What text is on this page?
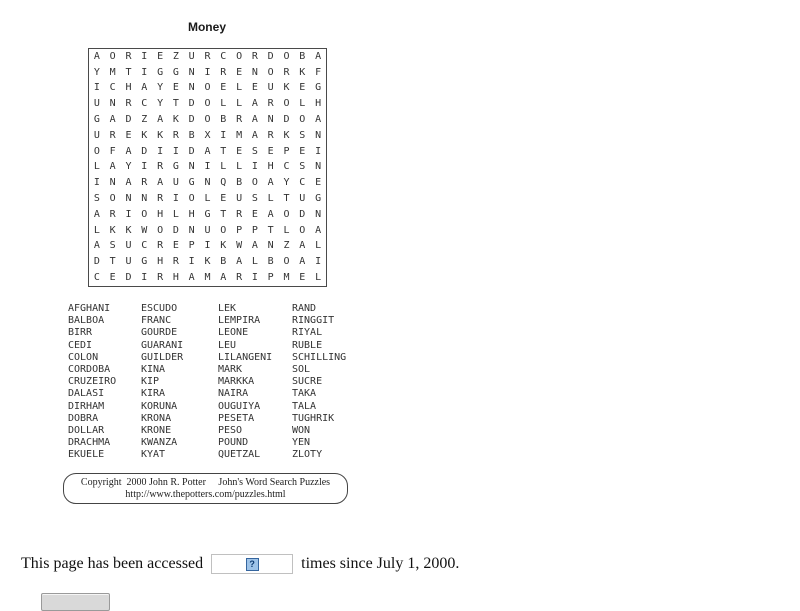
Money
A O R I E Z U R C O R D O B A
Y M T I G G N I R E N O R K F
I C H A Y E N O E L E U K E G
U N R C Y T D O L L A R O L H
G A D Z A K D O B R A N D O A
U R E K K R B X I M A R K S N
O F A D I I D A T E S E P E I
L A Y I R G N I L L I H C S N
I N A R A U G N Q B O A Y C E
S O N N R I O L E U S L T U G
A R I O H L H G T R E A O D N
L K K W O D N U O P P T L O A
A S U C R E P I K W A N Z A L
D T U G H R I K B A L B O A I
C E D I R H A M A R I P M E L
AFGHANI
BALBOA
BIRR
CEDI
COLON
CORDOBA
CRUZEIRO
DALASI
DIRHAM
DOBRA
DOLLAR
DRACHMA
EKUELE
ESCUDO
FRANC
GOURDE
GUARANI
GUILDER
KINA
KIP
KIRA
KORUNA
KRONA
KRONE
KWANZA
KYAT
LEK
LEMPIRA
LEONE
LEU
LILANGENI
MARK
MARKKA
NAIRA
OUGUIYA
PESETA
PESO
POUND
QUETZAL
RAND
RINGGIT
RIYAL
RUBLE
SCHILLING
SOL
SUCRE
TAKA
TALA
TUGHRIK
WON
YEN
ZLOTY
Copyright  2000 John R. Potter     John's Word Search Puzzles
http://www.thepotters.com/puzzles.html
This page has been accessed	?	times since July 1, 2000.
